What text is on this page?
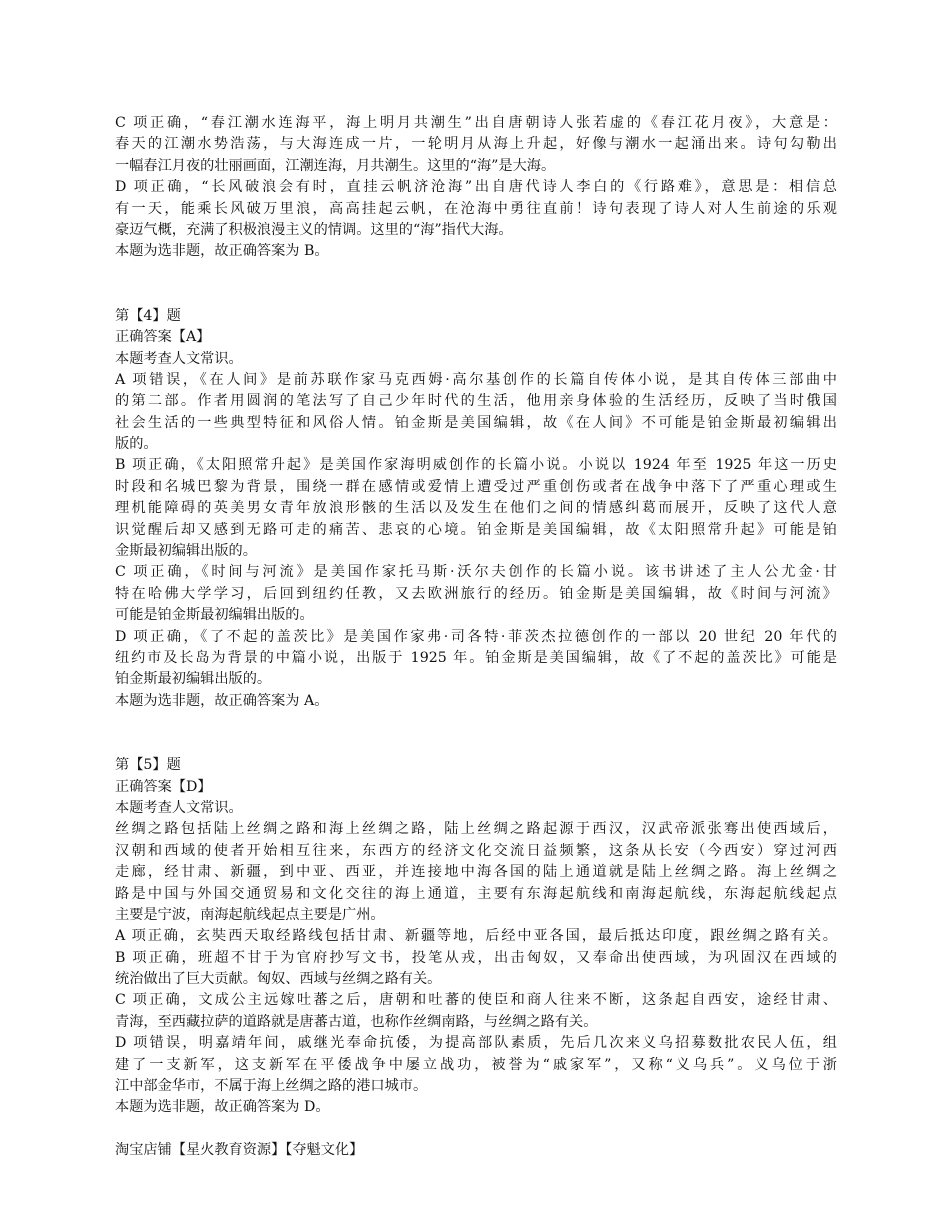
C 项正确，“春江潮水连海平，海上明月共潮生”出自唐朝诗人张若虚的《春江花月夜》，大意是：
春天的江潮水势浩荡，与大海连成一片，一轮明月从海上升起，好像与潮水一起涌出来。诗句勾勒出
一幅春江月夜的壮丽画面，江潮连海，月共潮生。这里的“海”是大海。
D 项正确，“长风破浪会有时，直挂云帆济沧海”出自唐代诗人李白的《行路难》，意思是：相信总
有一天，能乘长风破万里浪，高高挂起云帆，在沧海中勇往直前！诗句表现了诗人对人生前途的乐观
豪迈气概，充满了积极浪漫主义的情调。这里的“海”指代大海。
本题为选非题，故正确答案为 B。
第【4】题
正确答案【A】
本题考查人文常识。
A 项错误，《在人间》是前苏联作家马克西姆·高尔基创作的长篇自传体小说，是其自传体三部曲中
的第二部。作者用圆润的笔法写了自己少年时代的生活，他用亲身体验的生活经历，反映了当时俄国
社会生活的一些典型特征和风俗人情。铂金斯是美国编辑，故《在人间》不可能是铂金斯最初编辑出
版的。
B 项正确，《太阳照常升起》是美国作家海明威创作的长篇小说。小说以 1924 年至 1925 年这一历史
时段和名城巴黎为背景，围绕一群在感情或爱情上遭受过严重创伤或者在战争中落下了严重心理或生
理机能障碍的英美男女青年放浪形骸的生活以及发生在他们之间的情感纠葛而展开，反映了这代人意
识觉醒后却又感到无路可走的痛苦、悲哀的心境。铂金斯是美国编辑，故《太阳照常升起》可能是铂
金斯最初编辑出版的。
C 项正确，《时间与河流》是美国作家托马斯·沃尔夫创作的长篇小说。该书讲述了主人公尤金·甘
特在哈佛大学学习，后回到纽约任教，又去欧洲旅行的经历。铂金斯是美国编辑，故《时间与河流》
可能是铂金斯最初编辑出版的。
D 项正确，《了不起的盖茨比》是美国作家弗·司各特·菲茨杰拉德创作的一部以 20 世纪 20 年代的
纽约市及长岛为背景的中篇小说，出版于 1925 年。铂金斯是美国编辑，故《了不起的盖茨比》可能是
铂金斯最初编辑出版的。
本题为选非题，故正确答案为 A。
第【5】题
正确答案【D】
本题考查人文常识。
丝绸之路包括陆上丝绸之路和海上丝绸之路，陆上丝绸之路起源于西汉，汉武帝派张骞出使西域后，
汉朝和西域的使者开始相互往来，东西方的经济文化交流日益频繁，这条从长安（今西安）穿过河西
走廊，经甘肃、新疆，到中亚、西亚，并连接地中海各国的陆上通道就是陆上丝绸之路。海上丝绸之
路是中国与外国交通贸易和文化交往的海上通道，主要有东海起航线和南海起航线，东海起航线起点
主要是宁波，南海起航线起点主要是广州。
A 项正确，玄奘西天取经路线包括甘肃、新疆等地，后经中亚各国，最后抵达印度，跟丝绸之路有关。
B 项正确，班超不甘于为官府抄写文书，投笔从戎，出击匈奴，又奉命出使西域，为巩固汉在西域的
统治做出了巨大贡献。匈奴、西域与丝绸之路有关。
C 项正确，文成公主远嫁吐蕃之后，唐朝和吐蕃的使臣和商人往来不断，这条起自西安，途经甘肃、
青海，至西藏拉萨的道路就是唐蕃古道，也称作丝绸南路，与丝绸之路有关。
D 项错误，明嘉靖年间，戚继光奉命抗倭，为提高部队素质，先后几次来义乌招募数批农民人伍，组
建了一支新军，这支新军在平倭战争中屡立战功，被誉为“戚家军”，又称“义乌兵”。义乌位于浙
江中部金华市，不属于海上丝绸之路的港口城市。
本题为选非题，故正确答案为 D。
淘宝店铺【星火教育资源】【夺魁文化】
